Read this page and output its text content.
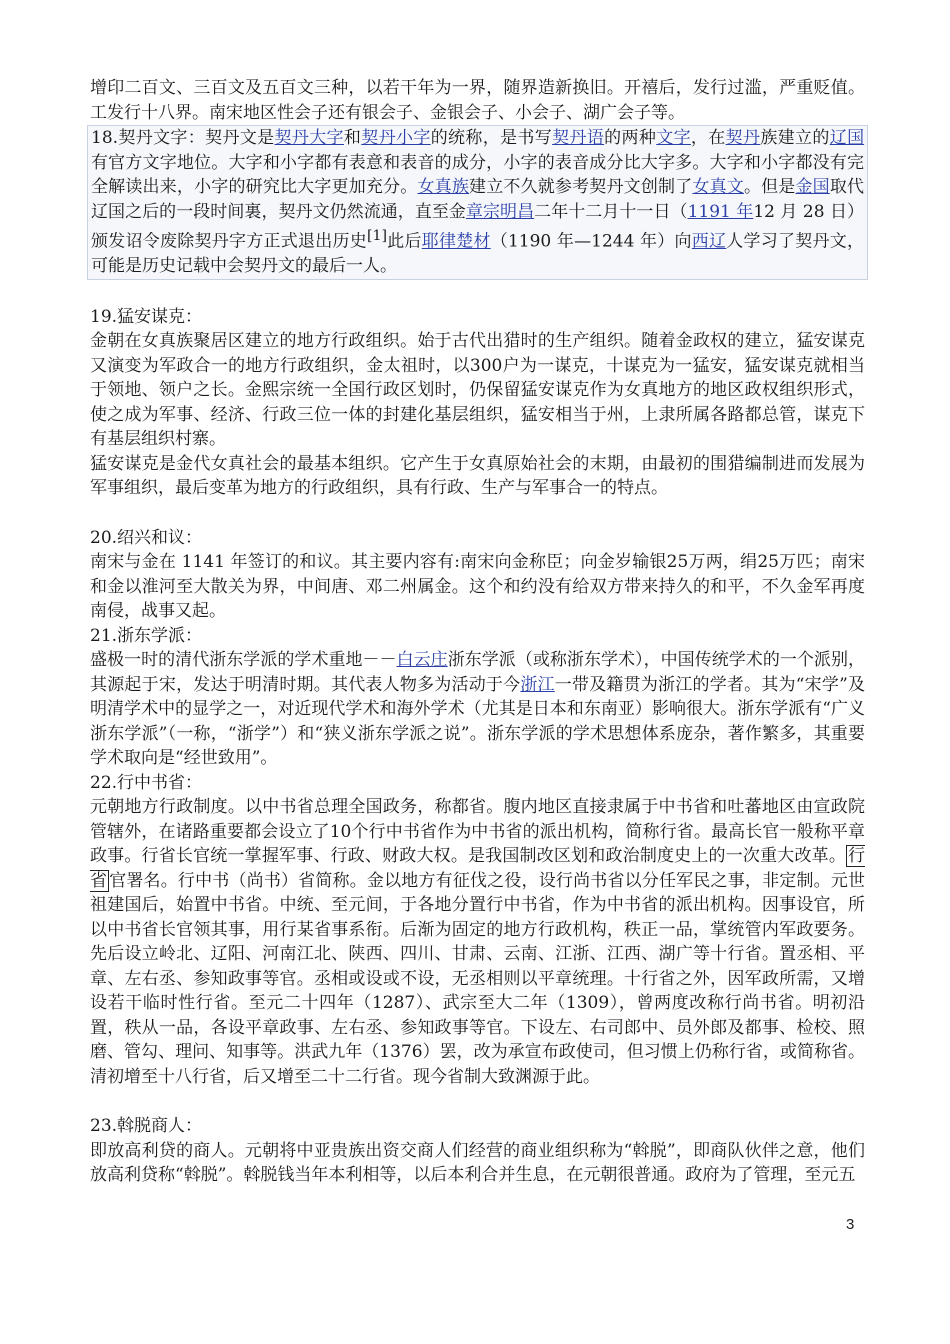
增印二百文、三百文及五百文三种，以若干年为一界，随界造新换旧。开禧后，发行过滥，严重贬值。工发行十八界。南宋地区性会子还有银会子、金银会子、小会子、湖广会子等。

18.契丹文字：契丹文是契丹大字和契丹小字的统称，是书写契丹语的两种文字，在契丹族建立的辽国有官方文字地位。大字和小字都有表意和表音的成分，小字的表音成分比大字多。大字和小字都没有完全解读出来，小字的研究比大字更加充分。女真族建立不久就参考契丹文创制了女真文。但是金国取代辽国之后的一段时间裏，契丹文仍然流通，直至金章宗明昌二年十二月十一日（1191 年12 月 28 日）颁发诏令废除契丹字方正式退出历史[1]此后耶律楚材（1190 年—1244 年）向西辽人学习了契丹文，可能是历史记载中会契丹文的最后一人。

19.猛安谋克：

金朝在女真族聚居区建立的地方行政组织。始于古代出猎时的生产组织。随着金政权的建立，猛安谋克又演变为军政合一的地方行政组织，金太祖时，以300户为一谋克，十谋克为一猛安，猛安谋克就相当于领地、领户之长。金熙宗统一全国行政区划时，仍保留猛安谋克作为女真地方的地区政权组织形式，使之成为军事、经济、行政三位一体的封建化基层组织，猛安相当于州，上隶所属各路都总管，谋克下有基层组织村寨。

猛安谋克是金代女真社会的最基本组织。它产生于女真原始社会的末期，由最初的围猎编制进而发展为军事组织，最后变革为地方的行政组织，具有行政、生产与军事合一的特点。

20.绍兴和议：

南宋与金在 1141 年签订的和议。其主要内容有:南宋向金称臣；向金岁输银25万两，绢25万匹；南宋和金以淮河至大散关为界，中间唐、邓二州属金。这个和约没有给双方带来持久的和平，不久金军再度南侵，战事又起。

21.浙东学派：

盛极一时的清代浙东学派的学术重地－－白云庄浙东学派（或称浙东学术），中国传统学术的一个派别，其源起于宋，发达于明清时期。其代表人物多为活动于今浙江一带及籍贯为浙江的学者。其为“宋学”及明清学术中的显学之一，对近现代学术和海外学术（尤其是日本和东南亚）影响很大。浙东学派有“广义浙东学派”（一称，“浙学”）和“狭义浙东学派之说”。浙东学派的学术思想体系庞杂，著作繁多，其重要学术取向是“经世致用”。

22.行中书省：

元朝地方行政制度。以中书省总理全国政务，称都省。腹内地区直接隶属于中书省和吐蕃地区由宣政院管辖外，在诸路重要都会设立了10个行中书省作为中书省的派出机构，简称行省。最高长官一般称平章政事。行省长官统一掌握军事、行政、财政大权。是我国制改区划和政治制度史上的一次重大改革。 行省 官署名。行中书（尚书）省简称。金以地方有征伐之役，设行尚书省以分任军民之事，非定制。元世祖建国后，始置中书省。中统、至元间，于各地分置行中书省，作为中书省的派出机构。因事设官，所以中书省长官领其事，用行某省事系衔。后渐为固定的地方行政机构，秩正一品，掌统管内军政要务。先后设立岭北、辽阳、河南江北、陕西、四川、甘肃、云南、江浙、江西、湖广等十行省。置丞相、平章、左右丞、参知政事等官。丞相或设或不设，无丞相则以平章统理。十行省之外，因军政所需，又增设若干临时性行省。至元二十四年（1287）、武宗至大二年（1309），曾两度改称行尚书省。明初沿置，秩从一品，各设平章政事、左右丞、参知政事等官。下设左、右司郎中、员外郎及都事、检校、照磨、管勾、理问、知事等。洪武九年（1376）罢，改为承宣布政使司，但习惯上仍称行省，或简称省。清初增至十八行省，后又增至二十二行省。现今省制大致渊源于此。

23.斡脱商人：

即放高利贷的商人。元朝将中亚贵族出资交商人们经营的商业组织称为“斡脱”，即商队伙伴之意，他们放高利贷称“斡脱”。斡脱钱当年本利相等，以后本利合并生息，在元朝很普通。政府为了管理，至元五

3
